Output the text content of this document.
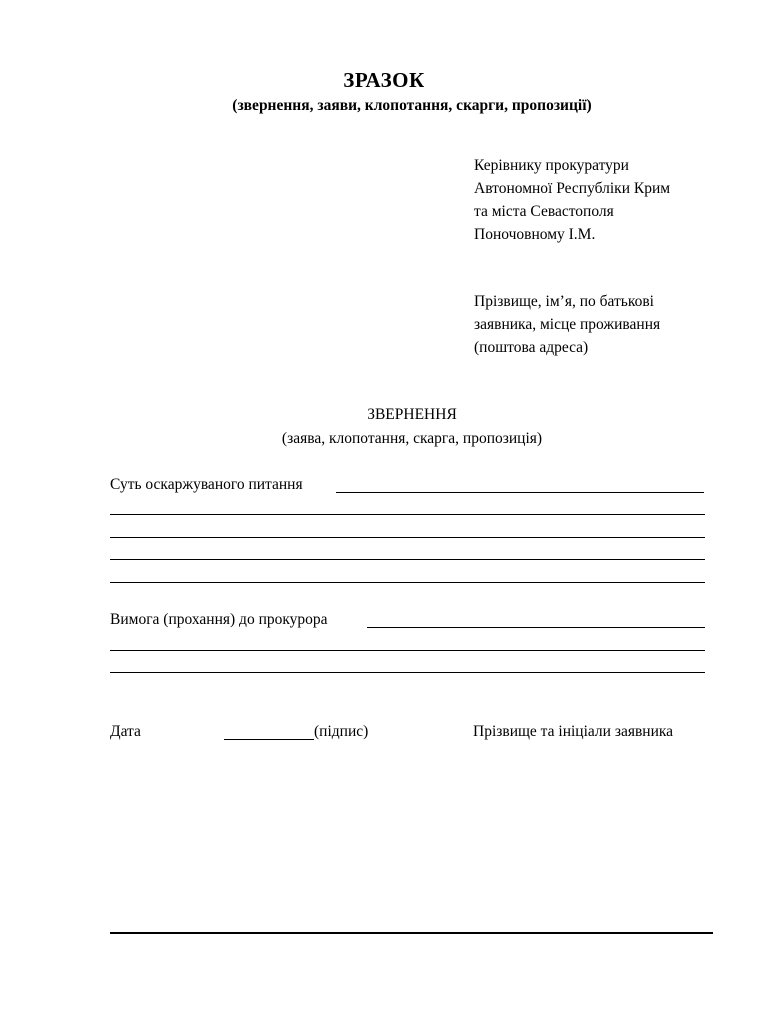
ЗРАЗОК
(звернення, заяви, клопотання, скарги, пропозиції)
Керівнику прокуратури
Автономної Республіки Крим
та міста Севастополя
Поночовному І.М.
Прізвище, ім’я, по батькові
заявника, місце проживання
(поштова адреса)
ЗВЕРНЕННЯ
(заява, клопотання, скарга, пропозиція)
Суть оскаржуваного питання
Вимога (прохання) до прокурора
Дата	(підпис)	Прізвище та ініціали заявника
